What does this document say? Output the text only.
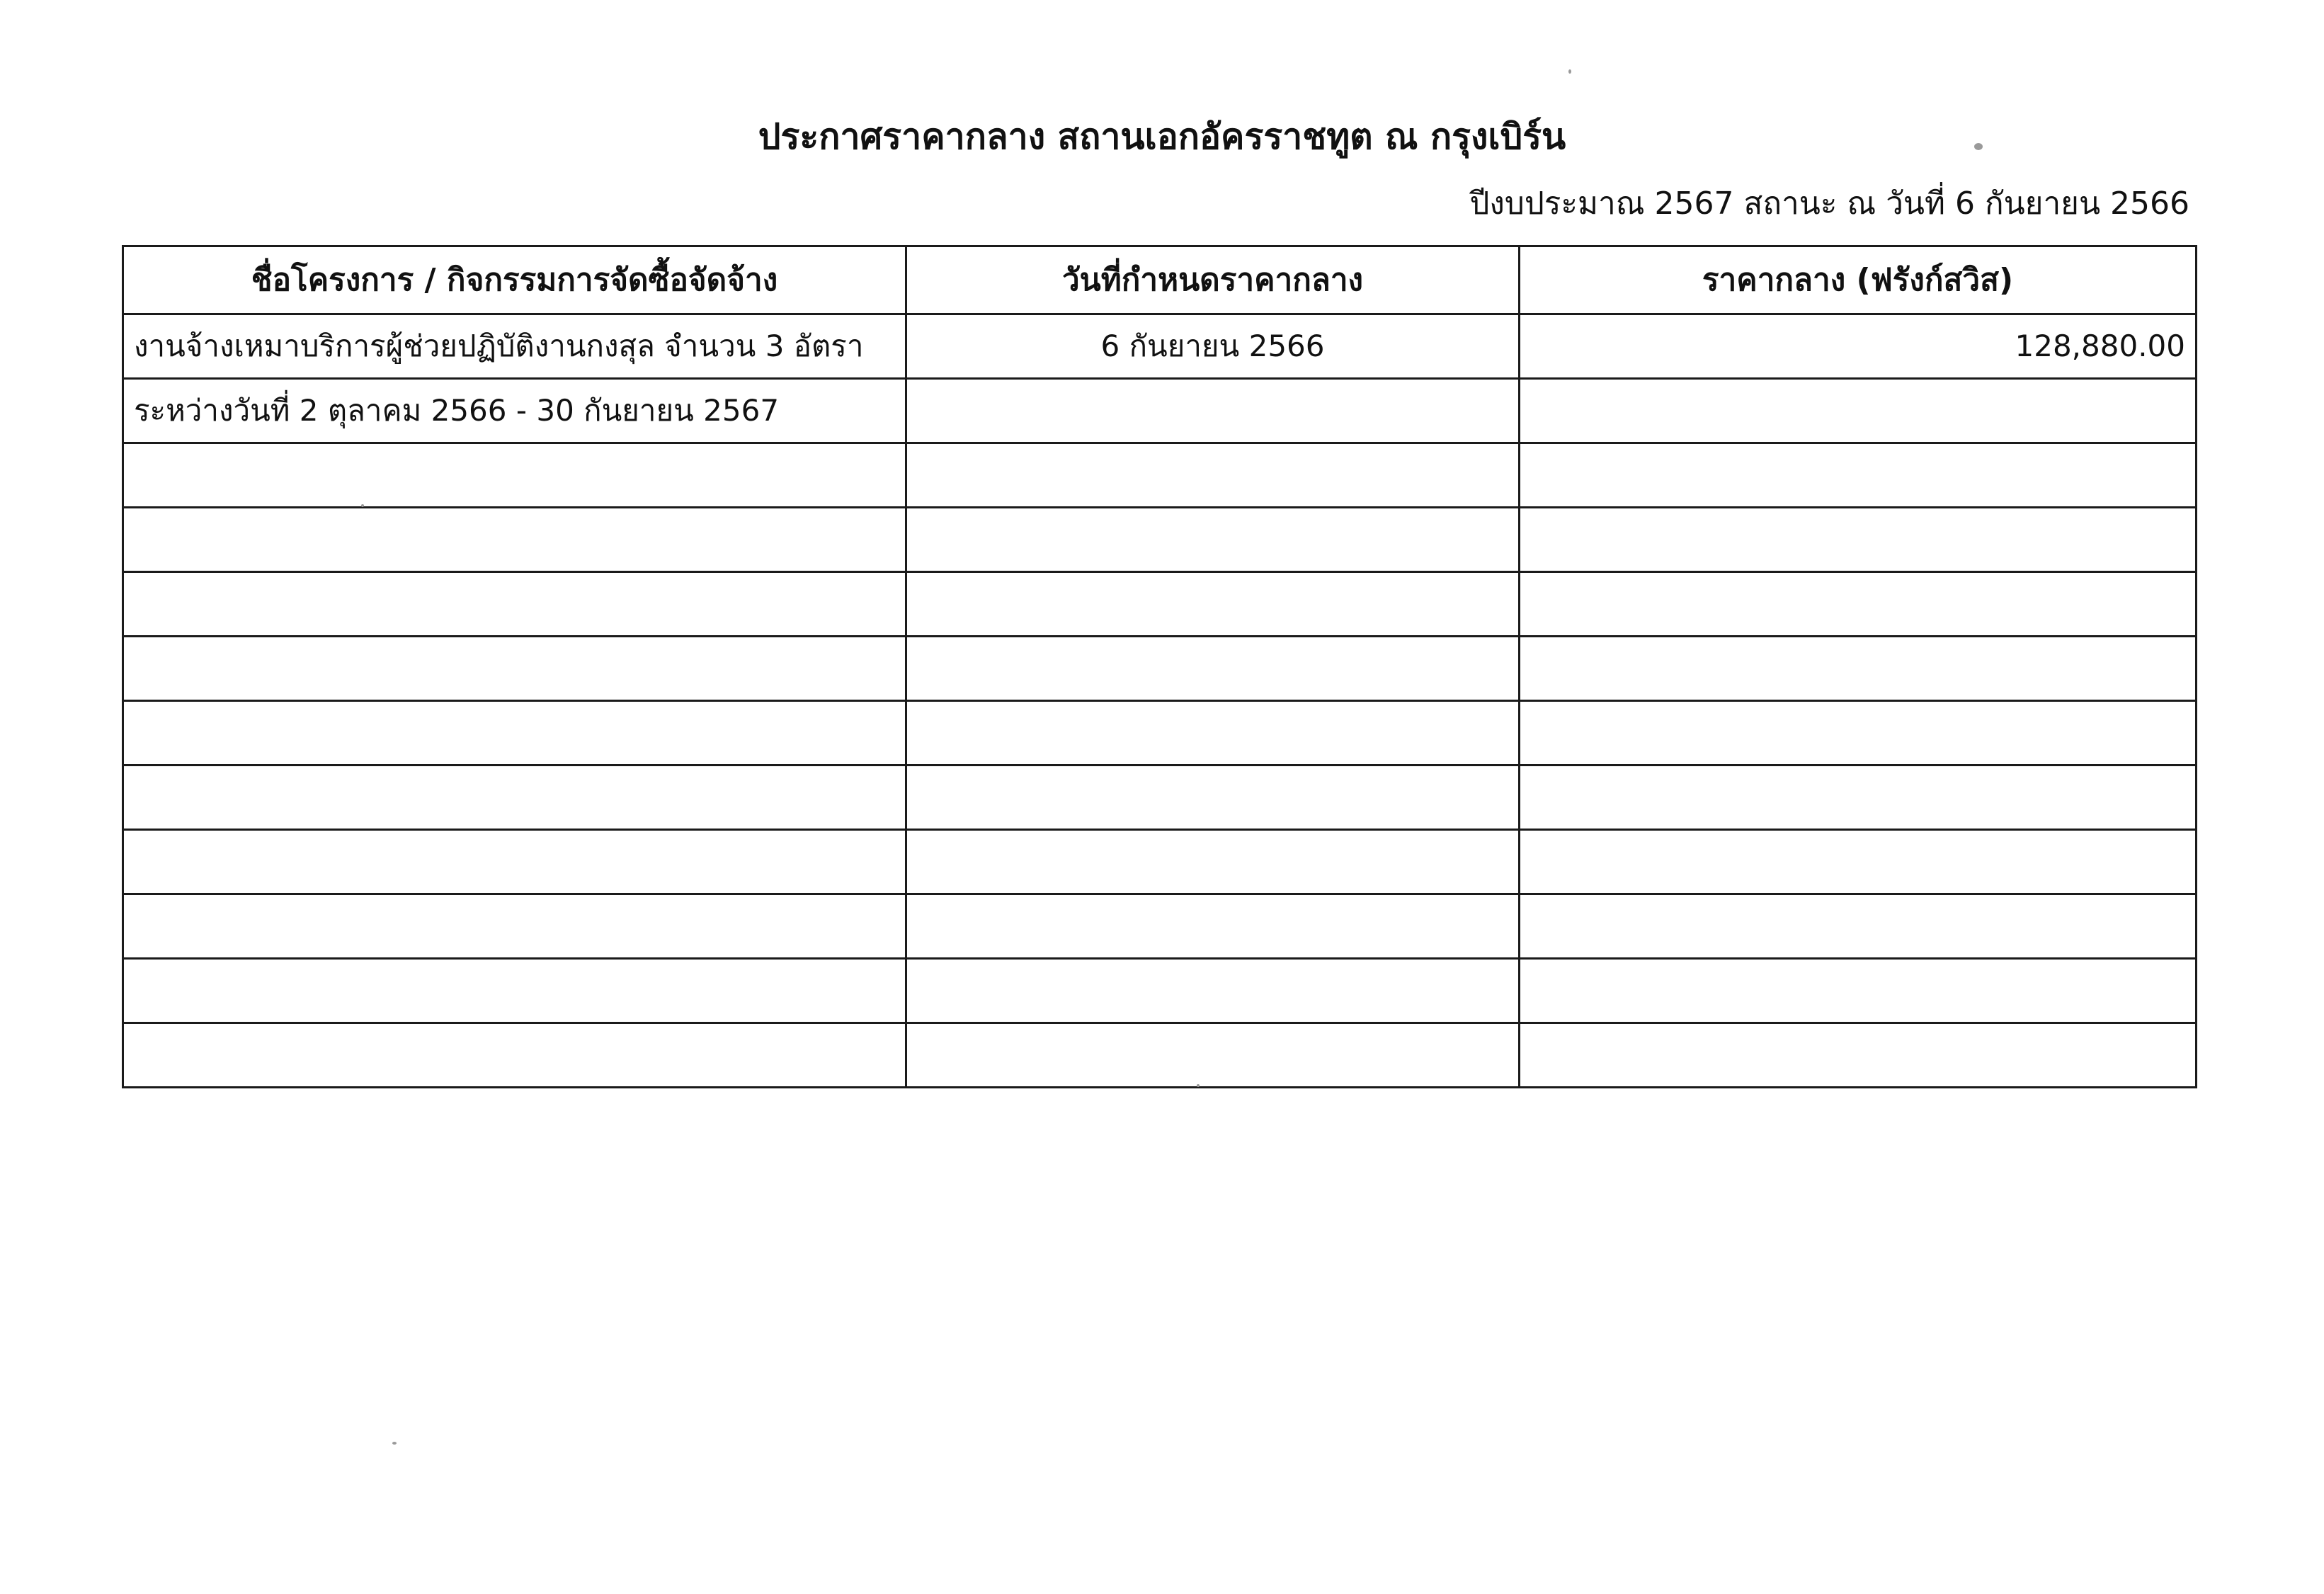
ประกาศราคากลาง สถานเอกอัครราชทูต ณ กรุงเบิร์น
ปีงบประมาณ 2567 สถานะ ณ วันที่ 6 กันยายน 2566
ชื่อโครงการ / กิจกรรมการจัดซื้อจัดจ้าง	วันที่กำหนดราคากลาง	ราคากลาง (ฟรังก์สวิส)
งานจ้างเหมาบริการผู้ช่วยปฏิบัติงานกงสุล จำนวน 3 อัตรา	6 กันยายน 2566	128,880.00
ระหว่างวันที่ 2 ตุลาคม 2566 - 30 กันยายน 2567		
